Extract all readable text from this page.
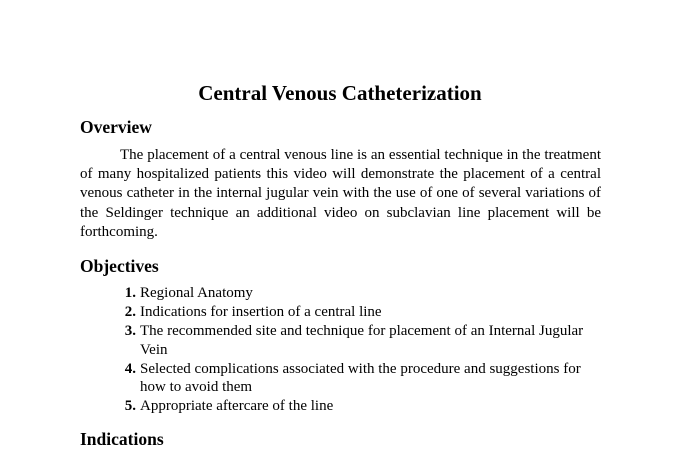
Central Venous Catheterization
Overview

The placement of a central venous line is an essential technique in the treatment of many hospitalized patients this video will demonstrate the placement of a central venous catheter in the internal jugular vein with the use of one of several variations of the Seldinger technique an additional video on subclavian line placement will be forthcoming.

Objectives
1. Regional Anatomy
2. Indications for insertion of a central line
3. The recommended site and technique for placement of an Internal Jugular Vein
4. Selected complications associated with the procedure and suggestions for how to avoid them
5. Appropriate aftercare of the line
Indications
